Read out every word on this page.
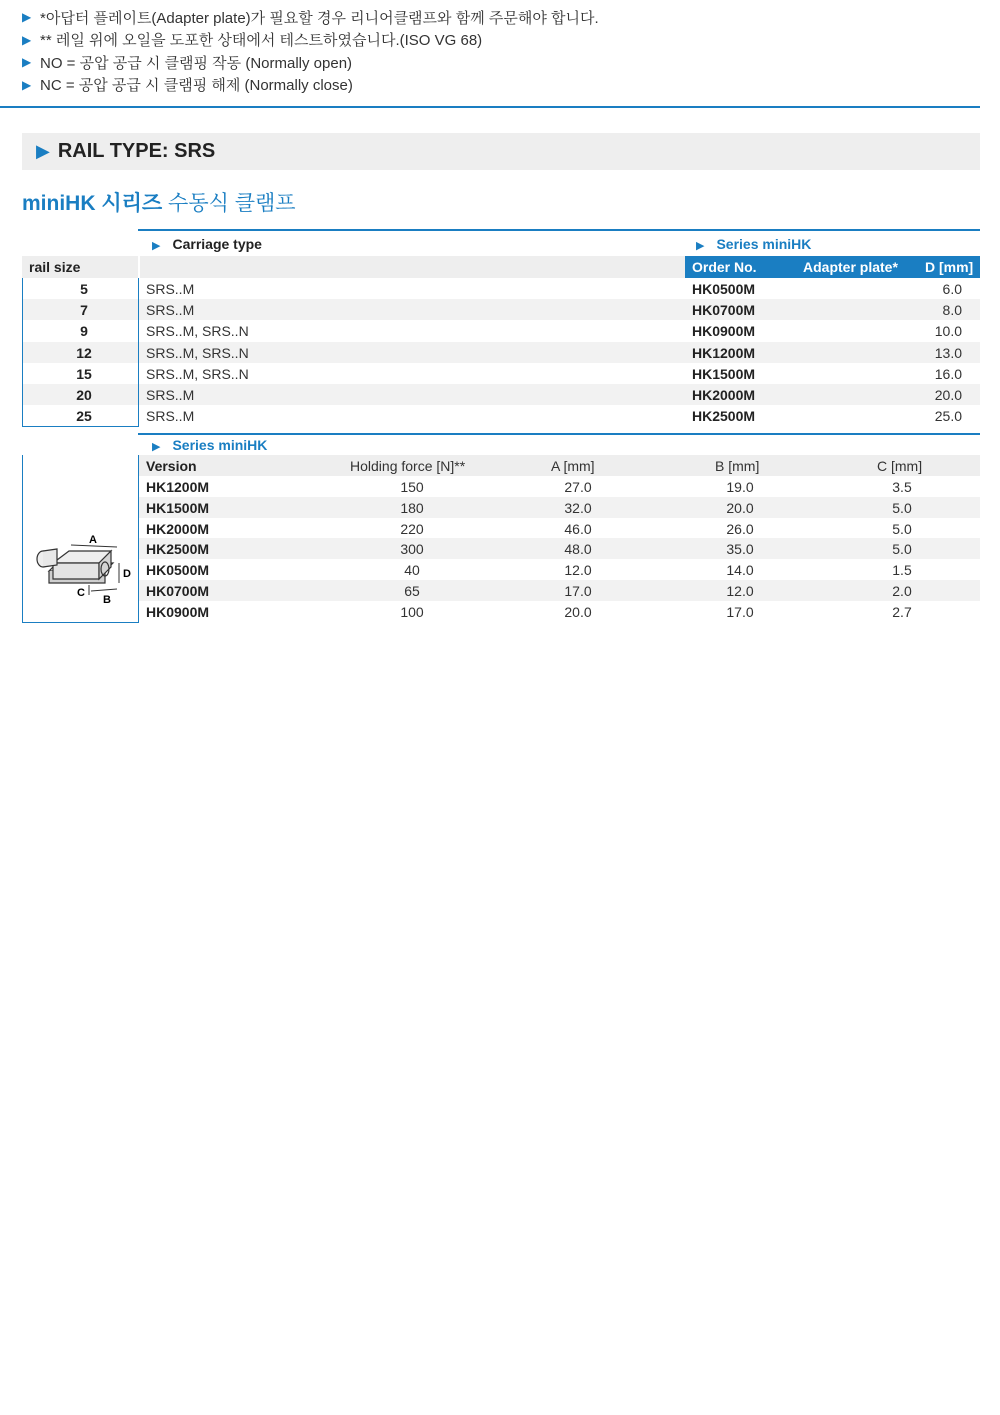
▶ *아답터 플레이트(Adapter plate)가 필요할 경우 리니어클램프와 함께 주문해야 합니다.
▶ ** 레일 위에 오일을 도포한 상태에서 테스트하였습니다.(ISO VG 68)
▶ NO = 공압 공급 시 클램핑 작동 (Normally open)
▶ NC = 공압 공급 시 클램핑 해제 (Normally close)
▶ RAIL TYPE: SRS
miniHK 시리즈 수동식 클램프
▶ Carriage type	▶ Series miniHK
rail size	Order No.	Adapter plate* D [mm]
5	SRS..M	HK0500M	6.0
7	SRS..M	HK0700M	8.0
9	SRS..M, SRS..N	HK0900M	10.0
12	SRS..M, SRS..N	HK1200M	13.0
15	SRS..M, SRS..N	HK1500M	16.0
20	SRS..M	HK2000M	20.0
25	SRS..M	HK2500M	25.0
▶ Series miniHK
Version	Holding force [N]**	A [mm]	B [mm]	C [mm]
HK1200M	150	27.0	19.0	3.5
HK1500M	180	32.0	20.0	5.0
HK2000M	220	46.0	26.0	5.0
HK2500M	300	48.0	35.0	5.0
HK0500M	40	12.0	14.0	1.5
HK0700M	65	17.0	12.0	2.0
HK0900M	100	20.0	17.0	2.7
A
D
B
C
